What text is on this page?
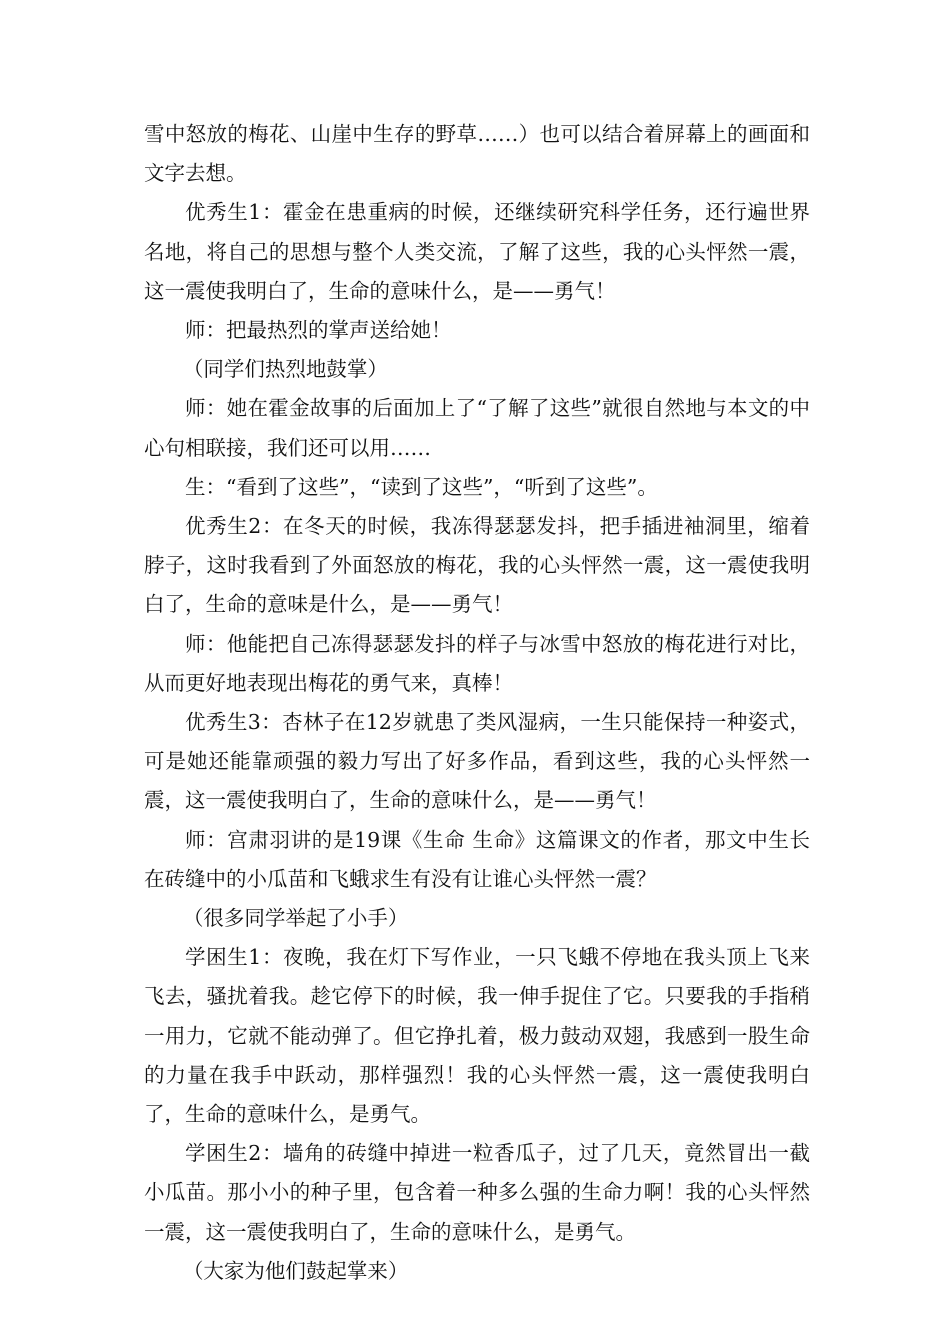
雪中怒放的梅花、山崖中生存的野草……）也可以结合着屏幕上的画面和文字去想。

优秀生1：霍金在患重病的时候，还继续研究科学任务，还行遍世界名地，将自己的思想与整个人类交流，了解了这些，我的心头怦然一震，这一震使我明白了，生命的意味什么，是——勇气！

师：把最热烈的掌声送给她！

（同学们热烈地鼓掌）

师：她在霍金故事的后面加上了“了解了这些”就很自然地与本文的中心句相联接，我们还可以用……

生：“看到了这些”，“读到了这些”，“听到了这些”。

优秀生2：在冬天的时候，我冻得瑟瑟发抖，把手插进袖洞里，缩着脖子，这时我看到了外面怒放的梅花，我的心头怦然一震，这一震使我明白了，生命的意味是什么，是——勇气！

师：他能把自己冻得瑟瑟发抖的样子与冰雪中怒放的梅花进行对比，从而更好地表现出梅花的勇气来，真棒！

优秀生3：杏林子在12岁就患了类风湿病，一生只能保持一种姿式，可是她还能靠顽强的毅力写出了好多作品，看到这些，我的心头怦然一震，这一震使我明白了，生命的意味什么，是——勇气！

师：宫肃羽讲的是19课《生命 生命》这篇课文的作者，那文中生长在砖缝中的小瓜苗和飞蛾求生有没有让谁心头怦然一震？

（很多同学举起了小手）

学困生1：夜晚，我在灯下写作业，一只飞蛾不停地在我头顶上飞来飞去，骚扰着我。趁它停下的时候，我一伸手捉住了它。只要我的手指稍一用力，它就不能动弹了。但它挣扎着，极力鼓动双翅，我感到一股生命的力量在我手中跃动，那样强烈！我的心头怦然一震，这一震使我明白了，生命的意味什么，是勇气。

学困生2：墙角的砖缝中掉进一粒香瓜子，过了几天，竟然冒出一截小瓜苗。那小小的种子里，包含着一种多么强的生命力啊！我的心头怦然一震，这一震使我明白了，生命的意味什么，是勇气。

（大家为他们鼓起掌来）
